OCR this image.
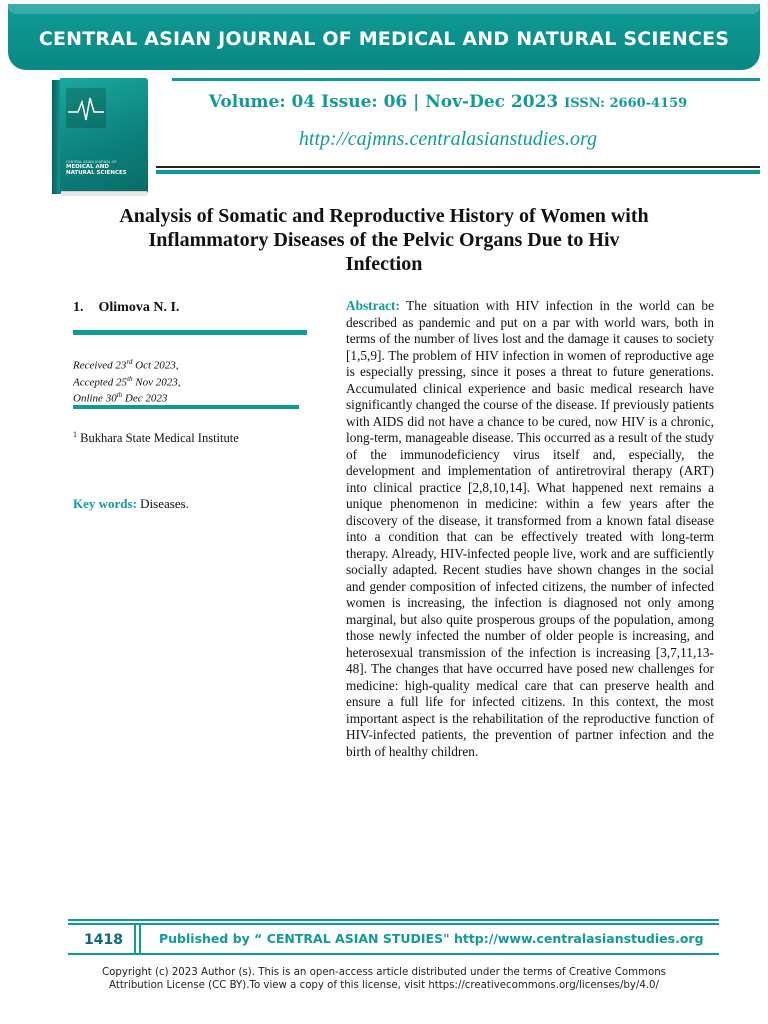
CENTRAL ASIAN JOURNAL OF MEDICAL AND NATURAL SCIENCES
CENTRAL ASIAN JOURNAL OF
MEDICAL AND
NATURAL SCIENCES
Volume: 04 Issue: 06 | Nov-Dec 2023 ISSN: 2660-4159
http://cajmns.centralasianstudies.org
Analysis of Somatic and Reproductive History of Women with
Inflammatory Diseases of the Pelvic Organs Due to Hiv
Infection
1. Olimova N. I.
Received 23rd Oct 2023,
Accepted 25th Nov 2023,
Online 30th Dec 2023
$^1$ Bukhara State Medical Institute
Key words: Diseases.
Abstract: The situation with HIV infection in the world can be described as pandemic and put on a par with world wars, both in terms of the number of lives lost and the damage it causes to society [1,5,9]. The problem of HIV infection in women of reproductive age is especially pressing, since it poses a threat to future generations. Accumulated clinical experience and basic medical research have significantly changed the course of the disease. If previously patients with AIDS did not have a chance to be cured, now HIV is a chronic, long-term, manageable disease. This occurred as a result of the study of the immunodeficiency virus itself and, especially, the development and implementation of antiretroviral therapy (ART) into clinical practice [2,8,10,14]. What happened next remains a unique phenomenon in medicine: within a few years after the discovery of the disease, it transformed from a known fatal disease into a condition that can be effectively treated with long-term therapy. Already, HIV-infected people live, work and are sufficiently socially adapted. Recent studies have shown changes in the social and gender composition of infected citizens, the number of infected women is increasing, the infection is diagnosed not only among marginal, but also quite prosperous groups of the population, among those newly infected the number of older people is increasing, and heterosexual transmission of the infection is increasing [3,7,11,13-48]. The changes that have occurred have posed new challenges for medicine: high-quality medical care that can preserve health and ensure a full life for infected citizens. In this context, the most important aspect is the rehabilitation of the reproductive function of HIV-infected patients, the prevention of partner infection and the birth of healthy children.
1418	Published by “ CENTRAL ASIAN STUDIES" http://www.centralasianstudies.org
Copyright (c) 2023 Author (s). This is an open-access article distributed under the terms of Creative Commons
Attribution License (CC BY).To view a copy of this license, visit https://creativecommons.org/licenses/by/4.0/
